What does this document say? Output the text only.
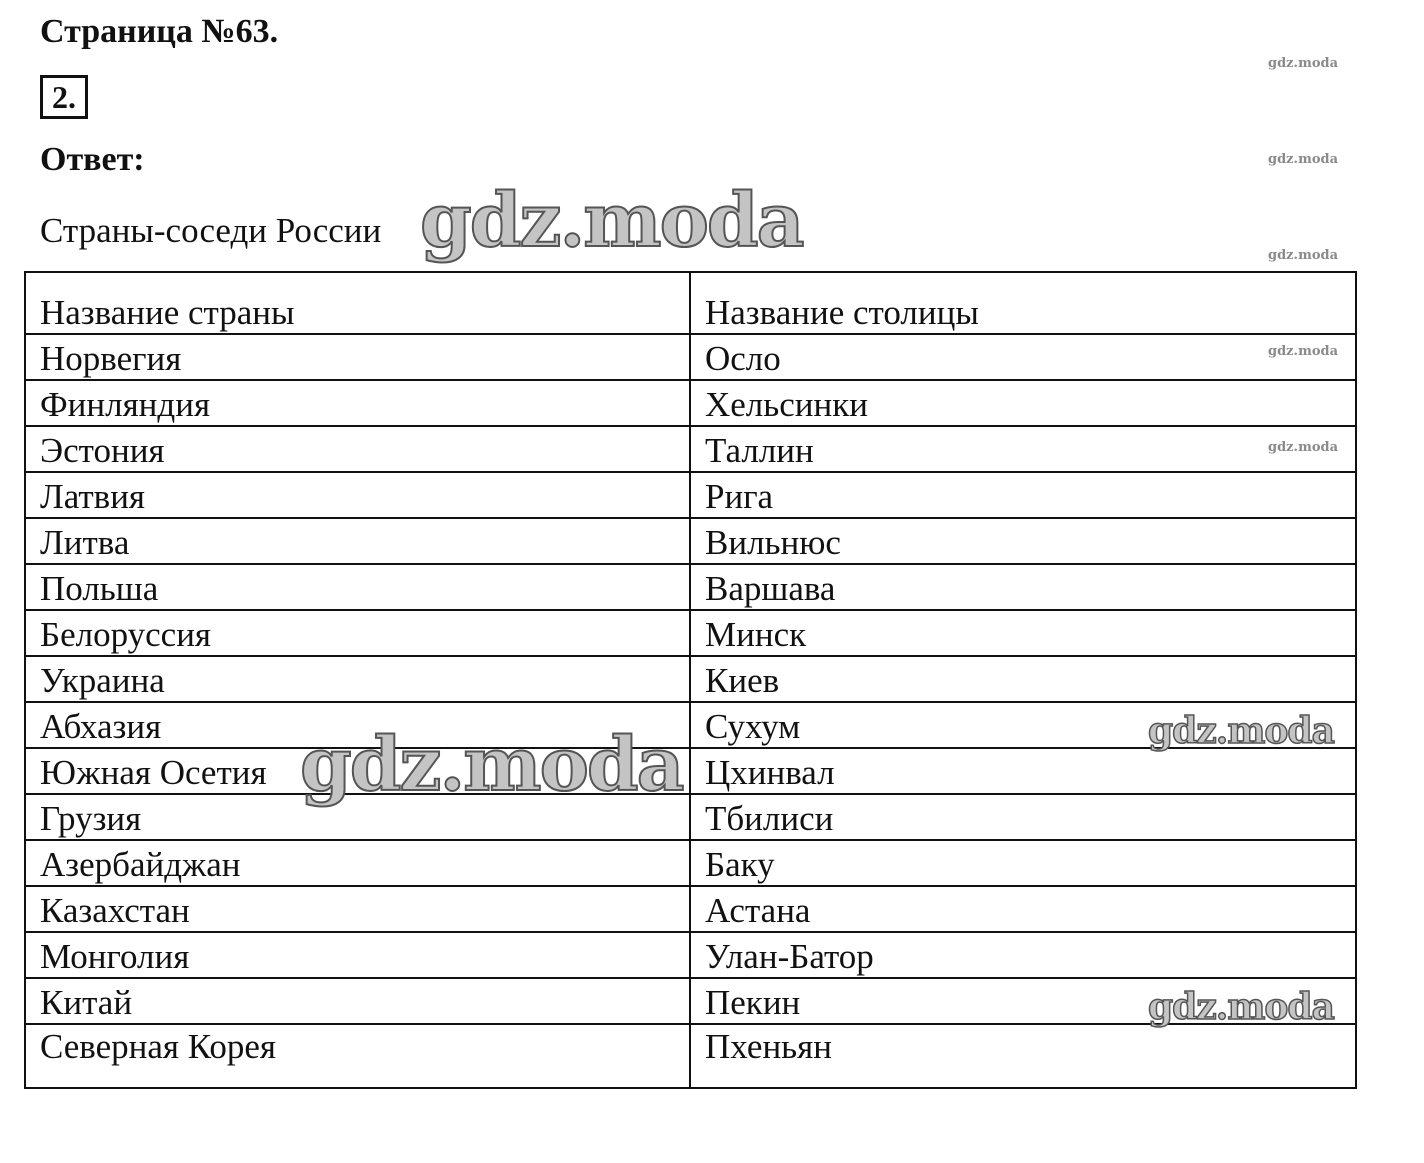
Страница №63.
2.
Ответ:
Страны-соседи России
gdz.moda
gdz.moda
gdz.moda
gdz.moda
gdz.moda
Название страны	Название столицы
Норвегия	Осло
Финляндия	Хельсинки
Эстония	Таллин
Латвия	Рига
Литва	Вильнюс
Польша	Варшава
Белоруссия	Минск
Украина	Киев
Абхазия	Сухум
Южная Осетия	Цхинвал
Грузия	Тбилиси
Азербайджан	Баку
Казахстан	Астана
Монголия	Улан-Батор
Китай	Пекин
Северная Корея	Пхеньян
gdz.moda
gdz.moda	gdz.moda
gdz.moda
